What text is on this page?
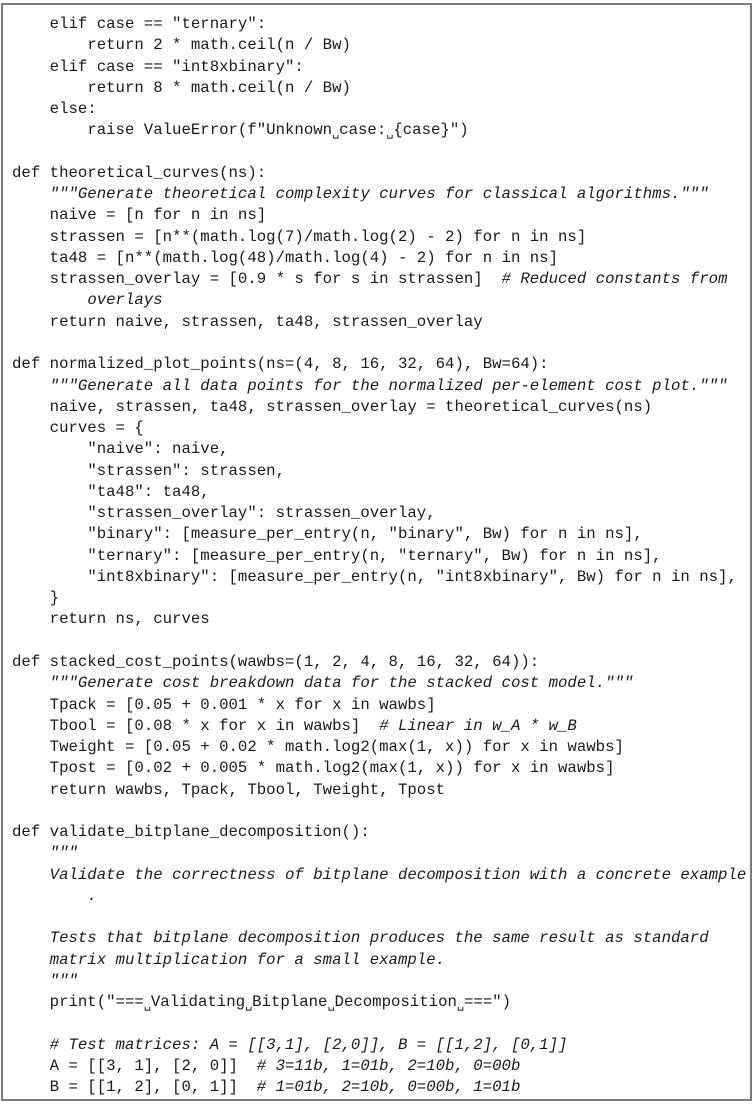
elif case == "ternary":
return 2 * math.ceil(n / Bw)
elif case == "int8xbinary":
return 8 * math.ceil(n / Bw)
else:
raise ValueError(f"Unknown␣case:␣{case}")
def theoretical_curves(ns):
"""Generate theoretical complexity curves for classical algorithms."""
naive = [n for n in ns]
strassen = [n**(math.log(7)/math.log(2) - 2) for n in ns]
ta48 = [n**(math.log(48)/math.log(4) - 2) for n in ns]
strassen_overlay = [0.9 * s for s in strassen]  # Reduced constants from
overlays
return naive, strassen, ta48, strassen_overlay
def normalized_plot_points(ns=(4, 8, 16, 32, 64), Bw=64):
"""Generate all data points for the normalized per-element cost plot."""
naive, strassen, ta48, strassen_overlay = theoretical_curves(ns)
curves = {
"naive": naive,
"strassen": strassen,
"ta48": ta48,
"strassen_overlay": strassen_overlay,
"binary": [measure_per_entry(n, "binary", Bw) for n in ns],
"ternary": [measure_per_entry(n, "ternary", Bw) for n in ns],
"int8xbinary": [measure_per_entry(n, "int8xbinary", Bw) for n in ns],
}
return ns, curves
def stacked_cost_points(wawbs=(1, 2, 4, 8, 16, 32, 64)):
"""Generate cost breakdown data for the stacked cost model."""
Tpack = [0.05 + 0.001 * x for x in wawbs]
Tbool = [0.08 * x for x in wawbs]  # Linear in w_A * w_B
Tweight = [0.05 + 0.02 * math.log2(max(1, x)) for x in wawbs]
Tpost = [0.02 + 0.005 * math.log2(max(1, x)) for x in wawbs]
return wawbs, Tpack, Tbool, Tweight, Tpost
def validate_bitplane_decomposition():
"""
Validate the correctness of bitplane decomposition with a concrete example
.
Tests that bitplane decomposition produces the same result as standard
matrix multiplication for a small example.
"""
print("===␣Validating␣Bitplane␣Decomposition␣===")
# Test matrices: A = [[3,1], [2,0]], B = [[1,2], [0,1]]
A = [[3, 1], [2, 0]]  # 3=11b, 1=01b, 2=10b, 0=00b
B = [[1, 2], [0, 1]]  # 1=01b, 2=10b, 0=00b, 1=01b
